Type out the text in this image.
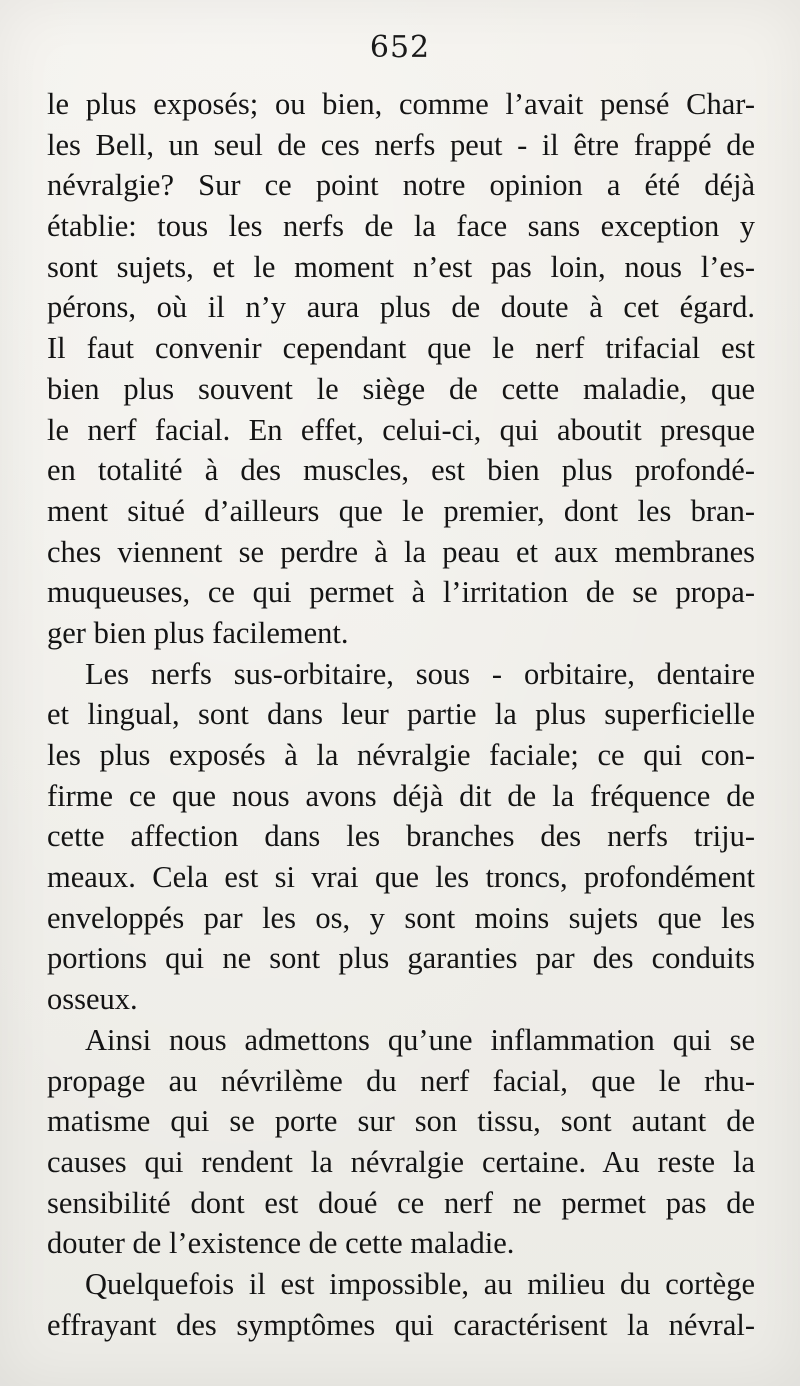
652
le plus exposés; ou bien, comme l’avait pensé Char-
les Bell, un seul de ces nerfs peut - il être frappé de
névralgie? Sur ce point notre opinion a été déjà
établie: tous les nerfs de la face sans exception y
sont sujets, et le moment n’est pas loin, nous l’es-
pérons, où il n’y aura plus de doute à cet égard.
Il faut convenir cependant que le nerf trifacial est
bien plus souvent le siège de cette maladie, que
le nerf facial. En effet, celui-ci, qui aboutit presque
en totalité à des muscles, est bien plus profondé-
ment situé d’ailleurs que le premier, dont les bran-
ches viennent se perdre à la peau et aux membranes
muqueuses, ce qui permet à l’irritation de se propa-
ger bien plus facilement.
Les nerfs sus-orbitaire, sous - orbitaire, dentaire
et lingual, sont dans leur partie la plus superficielle
les plus exposés à la névralgie faciale; ce qui con-
firme ce que nous avons déjà dit de la fréquence de
cette affection dans les branches des nerfs triju-
meaux. Cela est si vrai que les troncs, profondément
enveloppés par les os, y sont moins sujets que les
portions qui ne sont plus garanties par des conduits
osseux.
Ainsi nous admettons qu’une inflammation qui se
propage au névrilème du nerf facial, que le rhu-
matisme qui se porte sur son tissu, sont autant de
causes qui rendent la névralgie certaine. Au reste la
sensibilité dont est doué ce nerf ne permet pas de
douter de l’existence de cette maladie.
Quelquefois il est impossible, au milieu du cortège
effrayant des symptômes qui caractérisent la névral-
